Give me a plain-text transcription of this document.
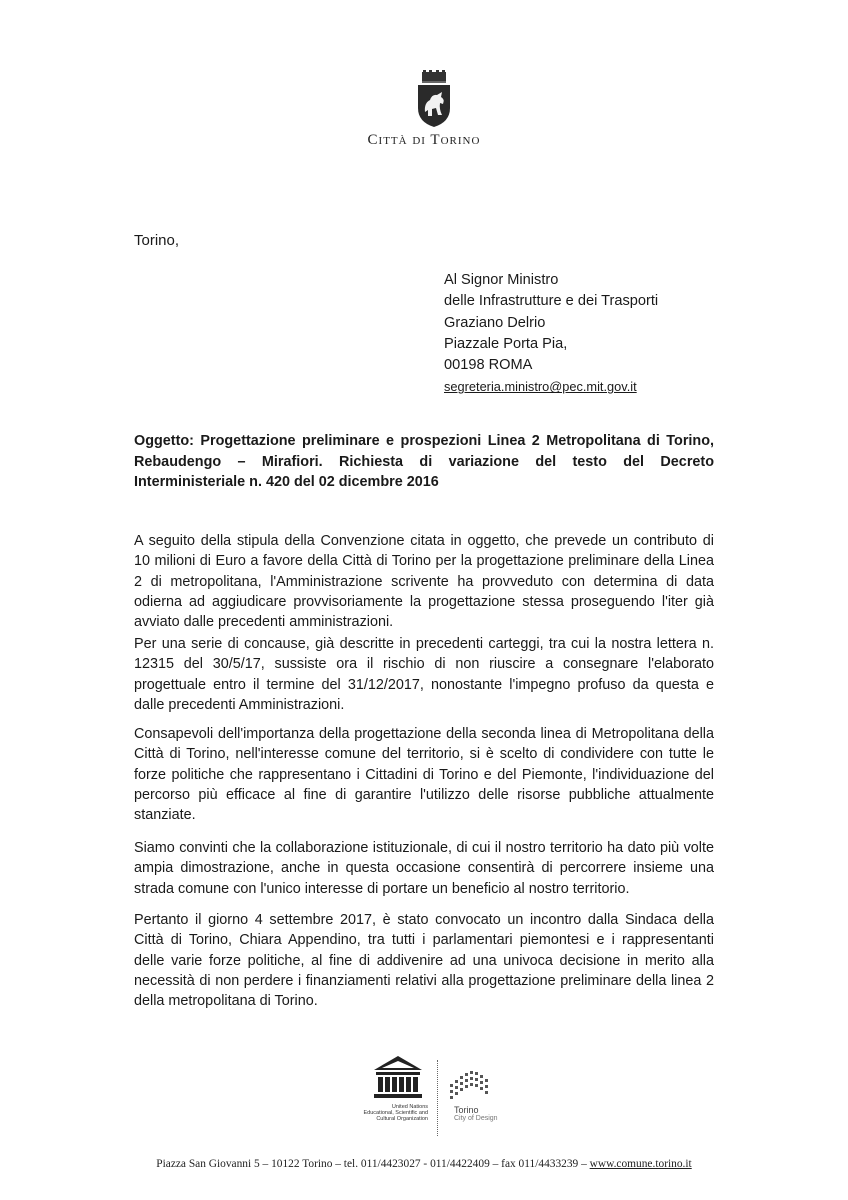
Città di Torino
Torino,
Al Signor Ministro
delle Infrastrutture e dei Trasporti
Graziano Delrio
Piazzale Porta Pia,
00198 ROMA
segreteria.ministro@pec.mit.gov.it
Oggetto: Progettazione preliminare e prospezioni Linea 2 Metropolitana di Torino,
Rebaudengo – Mirafiori. Richiesta di variazione del testo del Decreto
Interministeriale n. 420 del 02 dicembre 2016
A seguito della stipula della Convenzione citata in oggetto, che prevede un contributo di
10 milioni di Euro a favore della Città di Torino per la progettazione preliminare della Linea
2 di metropolitana, l'Amministrazione scrivente ha provveduto con determina di data
odierna ad aggiudicare provvisoriamente la progettazione stessa proseguendo l'iter già
avviato dalle precedenti amministrazioni.
Per una serie di concause, già descritte in precedenti carteggi, tra cui la nostra lettera n.
12315 del 30/5/17, sussiste ora il rischio di non riuscire a consegnare l'elaborato
progettuale entro il termine del 31/12/2017, nonostante l'impegno profuso da questa e
dalle precedenti Amministrazioni.
Consapevoli dell'importanza della progettazione della seconda linea di Metropolitana della
Città di Torino, nell'interesse comune del territorio, si è scelto di condividere con tutte le
forze politiche che rappresentano i Cittadini di Torino e del Piemonte, l'individuazione del
percorso più efficace al fine di garantire l'utilizzo delle risorse pubbliche attualmente
stanziate.
Siamo convinti che la collaborazione istituzionale, di cui il nostro territorio ha dato più volte
ampia dimostrazione, anche in questa occasione consentirà di percorrere insieme una
strada comune con l'unico interesse di portare un beneficio al nostro territorio.
Pertanto il giorno 4 settembre 2017, è stato convocato un incontro dalla Sindaca della
Città di Torino, Chiara Appendino, tra tutti i parlamentari piemontesi e i rappresentanti
delle varie forze politiche, al fine di addivenire ad una univoca decisione in merito alla
necessità di non perdere i finanziamenti relativi alla progettazione preliminare della linea 2
della metropolitana di Torino.
United Nations
Educational, Scientific and
Cultural Organization
Torino
City of Design
Piazza San Giovanni 5 – 10122 Torino – tel. 011/4423027 - 011/4422409 – fax 011/4433239 – www.comune.torino.it
